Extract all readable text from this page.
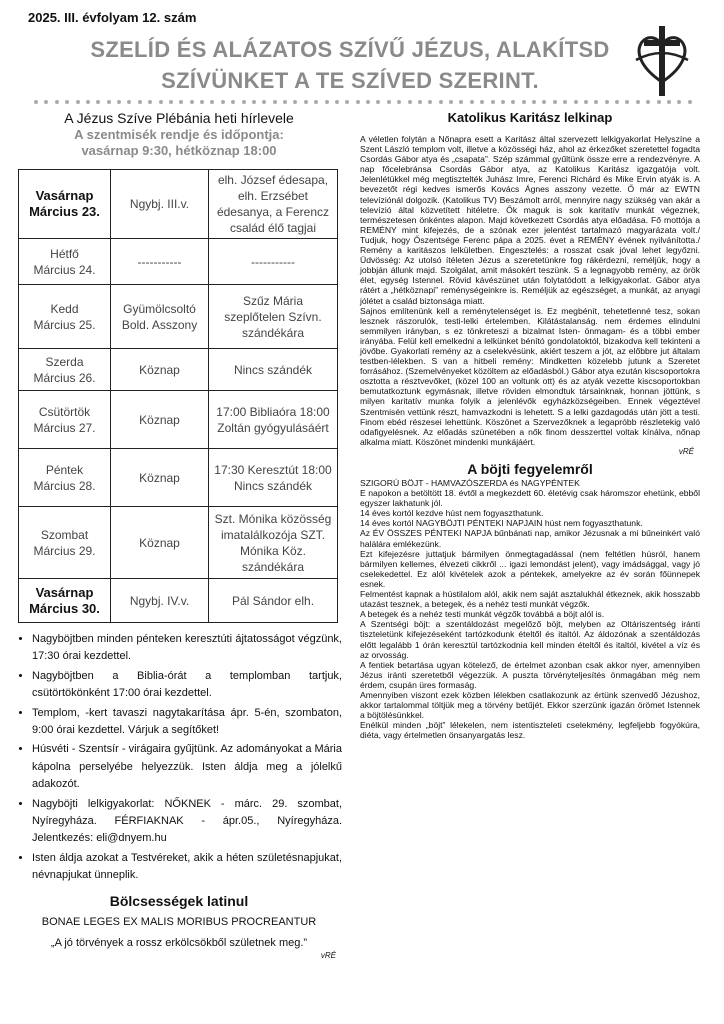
2025. III. évfolyam 12. szám
SZELÍD ÉS ALÁZATOS SZÍVŰ JÉZUS, ALAKÍTSD
SZÍVÜNKET A TE SZÍVED SZERINT.
A Jézus Szíve Plébánia heti hírlevele
A szentmisék rendje és időpontja:
vasárnap 9:30, hétköznap 18:00
Vasárnap
Március 23.	Ngybj. III.v.	elh. József édesapa, elh. Erzsébet édesanya, a Ferencz család élő tagjai

Hétfő
Március 24.	-----------	-----------

Kedd
Március 25.	Gyümölcsoltó Bold. Asszony	Szűz Mária szeplőtelen Szívn. szándékára

Szerda
Március 26.	Köznap	Nincs szándék

Csütörtök
Március 27.	Köznap	17:00 Bibliaóra 18:00 Zoltán gyógyulásáért

Péntek
Március 28.	Köznap	17:30 Keresztút 18:00 Nincs szándék

Szombat
Március 29.	Köznap	Szt. Mónika közösség imatalálkozója SZT. Mónika Köz. szándékára

Vasárnap
Március 30.	Ngybj. IV.v.	Pál Sándor elh.
• Nagyböjtben minden pénteken keresztúti ájtatosságot végzünk, 17:30 órai kezdettel.
• Nagyböjtben a Biblia-órát a templomban tartjuk, csütörtökönként 17:00 órai kezdettel.
• Templom, -kert tavaszi nagytakarítása ápr. 5-én, szombaton, 9:00 órai kezdettel. Várjuk a segítőket!
• Húsvéti - Szentsír - virágaira gyűjtünk. Az adományokat a Mária kápolna perselyébe helyezzük. Isten áldja meg a jólelkű adakozót.
• Nagyböjti lelkigyakorlat: NŐKNEK - márc. 29. szombat, Nyíregyháza. FÉRFIAKNAK - ápr.05., Nyíregyháza. Jelentkezés: eli@dnyem.hu
• Isten áldja azokat a Testvéreket, akik a héten születésnapjukat, névnapjukat ünneplik.
Bölcsességek latinul
BONAE LEGES EX MALIS MORIBUS PROCREANTUR
„A jó törvények a rossz erkölcsökből születnek meg.”
vRÉ
Katolikus Karitász lelkinap
A véletlen folytán a Nőnapra esett a Karitász által szervezett lelkigyakorlat Helyszíne a Szent László templom volt, illetve a közösségi ház, ahol az érkezőket szeretettel fogadta Csordás Gábor atya és „csapata”. Szép számmal gyűltünk össze erre a rendezvényre. A nap főcelebránsa Csordás Gábor atya, az Katolikus Karitász igazgatója volt. Jelenlétükkel még megtisztelték Juhász Imre, Ferenci Richárd és Mike Ervin atyák is. A bevezetőt régi kedves ismerős Kovács Ágnes asszony vezette. Ő már az EWTN televíziónál dolgozik. (Katolikus TV) Beszámolt arról, mennyire nagy szükség van akár a televízió által közvetített hitéletre. Ők maguk is sok karitatív munkát végeznek, természetesen önkéntes alapon. Majd következett Csordás atya előadása. Fő mottója a REMÉNY mint kifejezés, de a szónak ezer jelentést tartalmazó magyarázata volt./ Tudjuk, hogy Őszentsége Ferenc pápa a 2025. évet a REMÉNY évének nyilvánította./ Remény a karitászos lelkületben. Engesztelés: a rosszat csak jóval lehet legyőzni. Üdvösség: Az utolsó ítéleten Jézus a szeretetünkre fog rákérdezni, reméljük, hogy a jobbján állunk majd. Szolgálat, amit másokért teszünk. S a legnagyobb remény, az örök élet, egység Istennel. Rövid kávészünet után folytatódott a lelkigyakorlat. Gábor atya rátért a „hétköznapi” reménységeinkre is. Reméljük az egészséget, a munkát, az anyagi jólétet a család biztonsága miatt.
Sajnos említenünk kell a reménytelenséget is. Ez megbénít, tehetetlenné tesz, sokan lesznek rászorulók, testi-lelki értelemben. Kilátástalanság. nem érdemes elindulni semmilyen irányban, s ez tönkreteszi a bizalmat Isten- önmagam- és a többi ember irányába. Felül kell emelkedni a lelkünket bénító gondolatoktól, bizakodva kell tekinteni a jövőbe. Gyakorlati remény az a cselekvésünk, akiért teszem a jót, az előbbre jut általam testben-lélekben. S van a hitbeli remény: Mindketten közelebb jutunk a Szeretet forrásához. (Szemelvényeket közöltem az előadásból.) Gábor atya ezután kiscsoportokra osztotta a résztvevőket, (közel 100 an voltunk ott) és az atyák vezette kiscsoportokban bemutatkoztunk egymásnak, illetve röviden elmondtuk társainknak, honnan jöttünk, s milyen karitatív munka folyik a jelenlévők egyházközségeiben. Ennek végeztével Szentmisén vettünk részt, hamvazkodni is lehetett. S a lelki gazdagodás után jött a testi. Finom ebéd részesei lehettünk. Köszönet a Szervezőknek a legapróbb részletekig való odafigyelésnek. Az előadás szünetében a nők finom desszerttel voltak kínálva, nőnap alkalma miatt. Köszönet mindenki munkájáért.
vRÉ
A böjti fegyelemről
SZIGORÚ BÖJT - HAMVAZÓSZERDA és NAGYPÉNTEK
E napokon a betöltött 18. évtől a megkezdett 60. életévig csak háromszor ehetünk, ebből egyszer lakhatunk jól.
14 éves kortól kezdve húst nem fogyaszthatunk.
14 éves kortól NAGYBÖJTI PÉNTEKI NAPJAIN húst nem fogyaszthatunk.
Az ÉV ÖSSZES PÉNTEKI NAPJA bűnbánati nap, amikor Jézusnak a mi bűneinkért való halálára emlékezünk.
Ezt kifejezésre juttatjuk bármilyen önmegtagadással (nem feltétlen húsról, hanem bármilyen kellemes, élvezeti cikkről ... igazi lemondást jelent), vagy imádsággal, vagy jó cselekedettel. Ez alól kivételek azok a péntekek, amelyekre az év során főünnepek esnek.
Felmentést kapnak a hústilalom alól, akik nem saját asztalukhál étkeznek, akik hosszabb utazást tesznek, a betegek, és a nehéz testi munkát végzők.
A betegek és a nehéz testi munkát végzők továbbá a böjt alól is.
A Szentségi böjt: a szentáldozást megelőző böjt, melyben az Oltáriszentség iránti tiszteletünk kifejezéseként tartózkodunk ételtől és italtól. Az áldozónak a szentáldozás előtt legalább 1 órán keresztül tartózkodnia kell minden ételtől és italtól, kivétel a víz és az orvosság.
A fentiek betartása ugyan kötelező, de értelmet azonban csak akkor nyer, amennyiben Jézus iránti szeretetből végezzük. A puszta törvényteljesítés önmagában még nem érdem, csupán üres formaság.
Amennyiben viszont ezek közben lélekben csatlakozunk az értünk szenvedő Jézushoz, akkor tartalommal töltjük meg a törvény betűjét. Ekkor szerzünk igazán örömet Istennek a böjtölésünkkel.
Enélkül minden „böjt” lélekelen, nem istentiszteleti cselekmény, legfeljebb fogyókúra, diéta, vagy értelmetlen önsanyargatás lesz.
